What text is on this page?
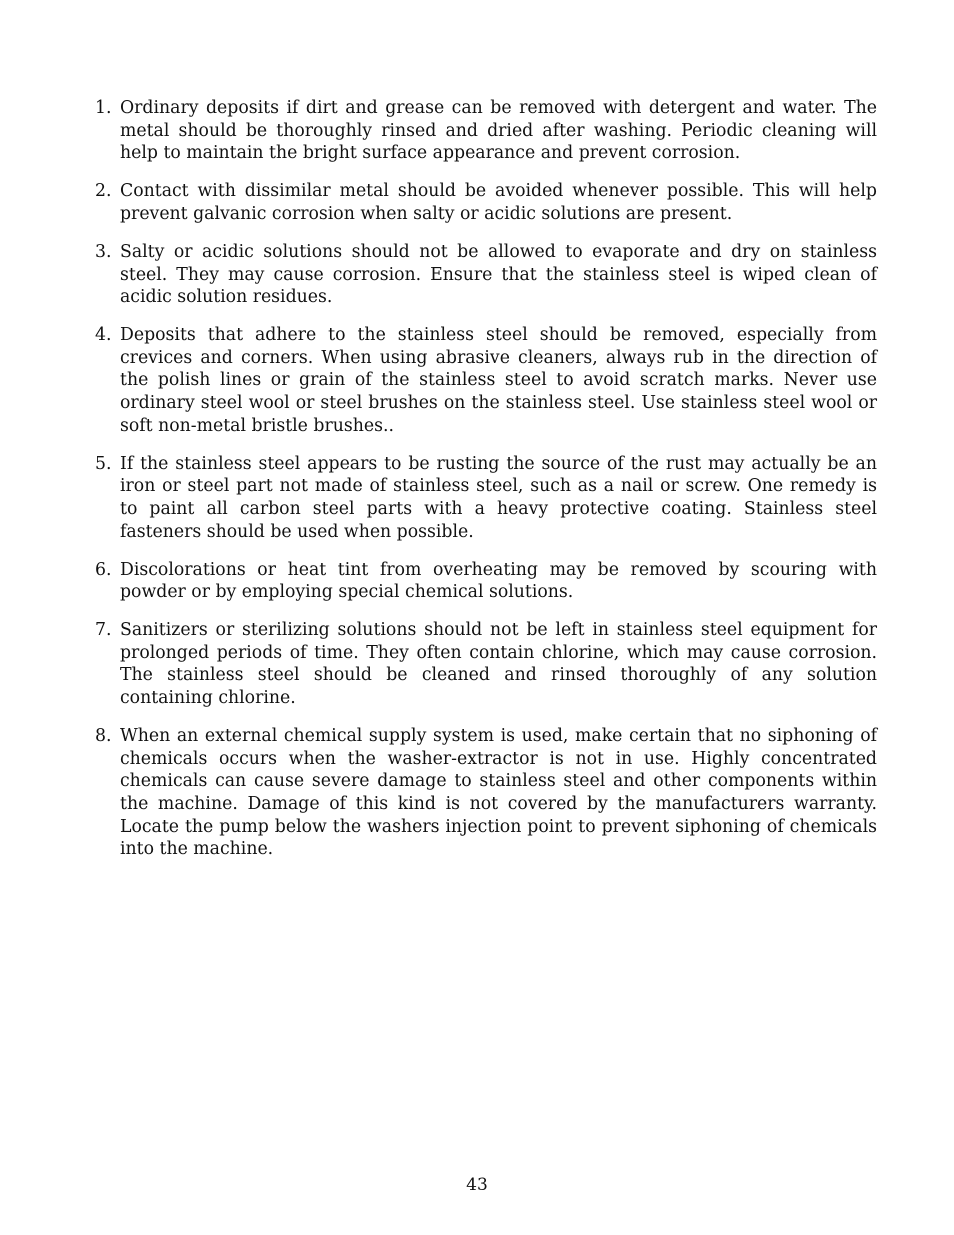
1. Ordinary deposits if dirt and grease can be removed with detergent and water. The metal should be thoroughly rinsed and dried after washing. Periodic cleaning will help to maintain the bright surface appearance and prevent corrosion.
2. Contact with dissimilar metal should be avoided whenever possible. This will help prevent galvanic corrosion when salty or acidic solutions are present.
3. Salty or acidic solutions should not be allowed to evaporate and dry on stainless steel. They may cause corrosion. Ensure that the stainless steel is wiped clean of acidic solution residues.
4. Deposits that adhere to the stainless steel should be removed, especially from crevices and corners. When using abrasive cleaners, always rub in the direction of the polish lines or grain of the stainless steel to avoid scratch marks. Never use ordinary steel wool or steel brushes on the stainless steel. Use stainless steel wool or soft non-metal bristle brushes..
5. If the stainless steel appears to be rusting the source of the rust may actually be an iron or steel part not made of stainless steel, such as a nail or screw. One remedy is to paint all carbon steel parts with a heavy protective coating. Stainless steel fasteners should be used when possible.
6. Discolorations or heat tint from overheating may be removed by scouring with powder or by employing special chemical solutions.
7. Sanitizers or sterilizing solutions should not be left in stainless steel equipment for prolonged periods of time. They often contain chlorine, which may cause corrosion. The stainless steel should be cleaned and rinsed thoroughly of any solution containing chlorine.
8. When an external chemical supply system is used, make certain that no siphoning of chemicals occurs when the washer-extractor is not in use. Highly concentrated chemicals can cause severe damage to stainless steel and other components within the machine. Damage of this kind is not covered by the manufacturers warranty. Locate the pump below the washers injection point to prevent siphoning of chemicals into the machine.
43
